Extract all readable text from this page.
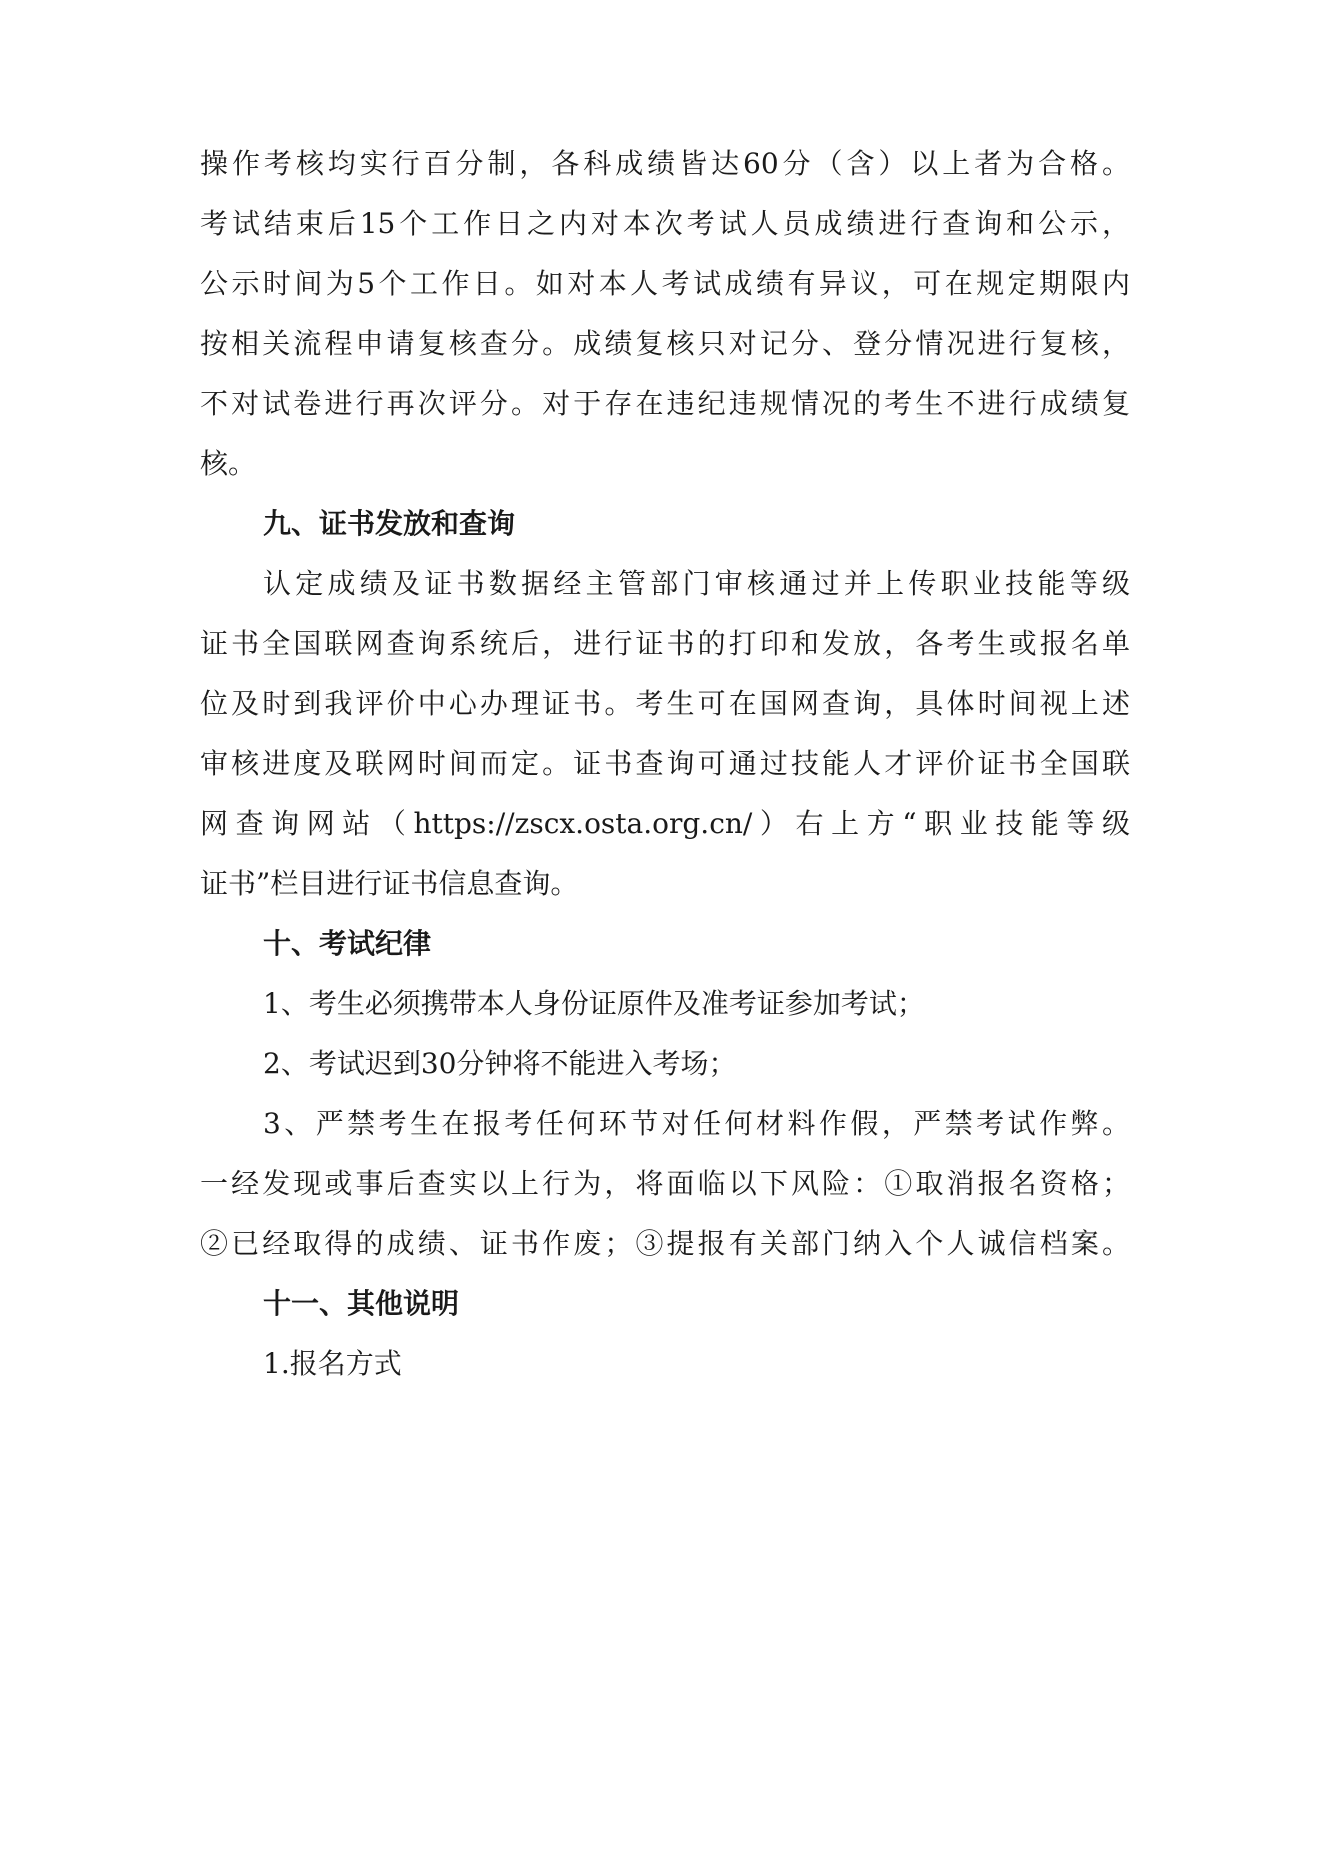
操作考核均实行百分制，各科成绩皆达60分（含）以上者为合格。
考试结束后15个工作日之内对本次考试人员成绩进行查询和公示，
公示时间为5个工作日。如对本人考试成绩有异议，可在规定期限内
按相关流程申请复核查分。成绩复核只对记分、登分情况进行复核，
不对试卷进行再次评分。对于存在违纪违规情况的考生不进行成绩复
核。
九、证书发放和查询
认定成绩及证书数据经主管部门审核通过并上传职业技能等级
证书全国联网查询系统后，进行证书的打印和发放，各考生或报名单
位及时到我评价中心办理证书。考生可在国网查询，具体时间视上述
审核进度及联网时间而定。证书查询可通过技能人才评价证书全国联
网查询网站（https://zscx.osta.org.cn/）右上方“职业技能等级
证书”栏目进行证书信息查询。
十、考试纪律
1、考生必须携带本人身份证原件及准考证参加考试；
2、考试迟到30分钟将不能进入考场；
3、严禁考生在报考任何环节对任何材料作假，严禁考试作弊。
一经发现或事后查实以上行为，将面临以下风险：①取消报名资格；
②已经取得的成绩、证书作废；③提报有关部门纳入个人诚信档案。
十一、其他说明
1.报名方式
